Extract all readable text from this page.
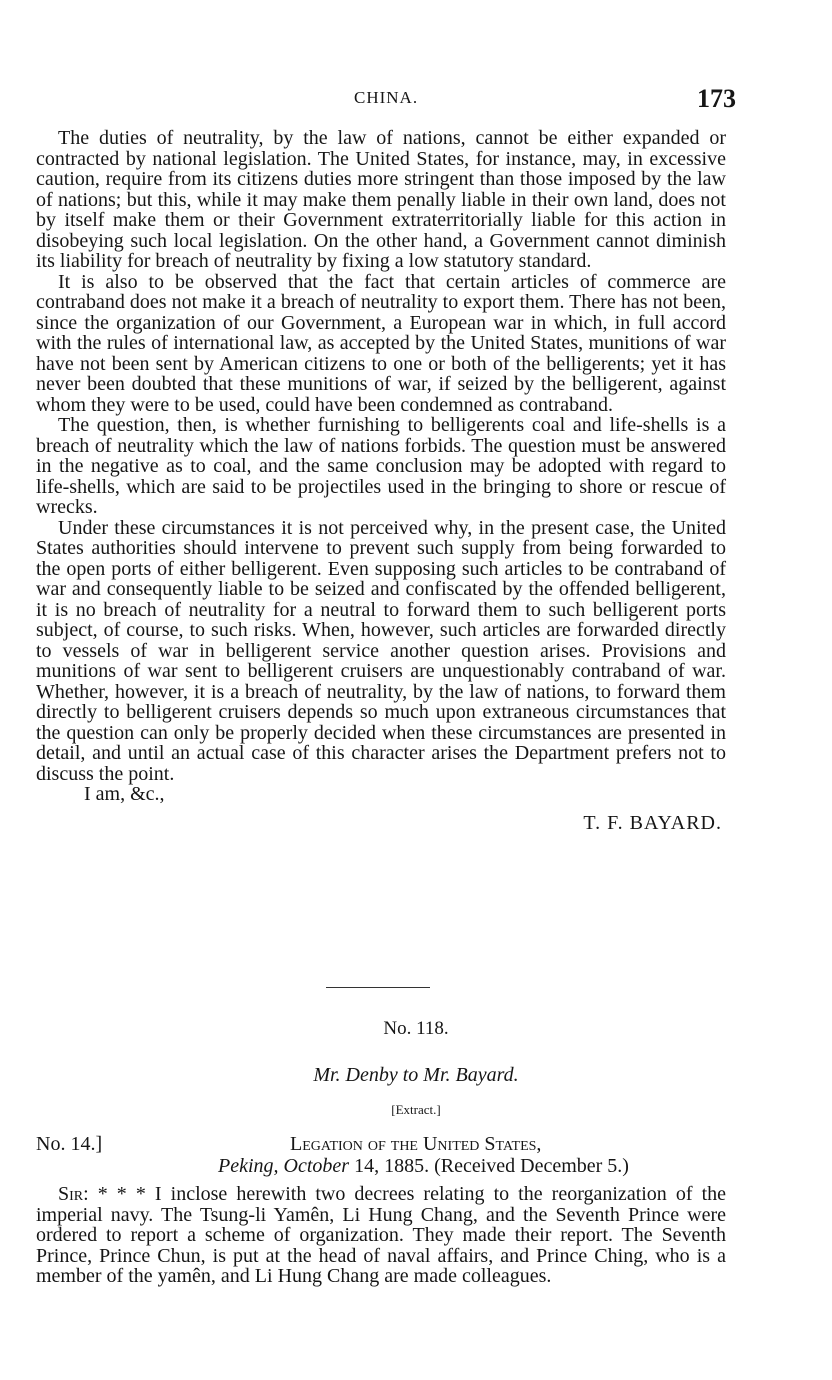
CHINA.	173

The duties of neutrality, by the law of nations, cannot be either expanded or contracted by national legislation. The United States, for instance, may, in excessive caution, require from its citizens duties more stringent than those imposed by the law of nations; but this, while it may make them penally liable in their own land, does not by itself make them or their Government extraterritorially liable for this action in disobeying such local legislation. On the other hand, a Government cannot diminish its liability for breach of neutrality by fixing a low statutory standard.

It is also to be observed that the fact that certain articles of commerce are contraband does not make it a breach of neutrality to export them. There has not been, since the organization of our Government, a European war in which, in full accord with the rules of international law, as accepted by the United States, munitions of war have not been sent by American citizens to one or both of the belligerents; yet it has never been doubted that these munitions of war, if seized by the belligerent, against whom they were to be used, could have been condemned as contraband.

The question, then, is whether furnishing to belligerents coal and life-shells is a breach of neutrality which the law of nations forbids. The question must be answered in the negative as to coal, and the same conclusion may be adopted with regard to life-shells, which are said to be projectiles used in the bringing to shore or rescue of wrecks.

Under these circumstances it is not perceived why, in the present case, the United States authorities should intervene to prevent such supply from being forwarded to the open ports of either belligerent. Even supposing such articles to be contraband of war and consequently liable to be seized and confiscated by the offended belligerent, it is no breach of neutrality for a neutral to forward them to such belligerent ports subject, of course, to such risks. When, however, such articles are forwarded directly to vessels of war in belligerent service another question arises. Provisions and munitions of war sent to belligerent cruisers are unquestionably contraband of war. Whether, however, it is a breach of neutrality, by the law of nations, to forward them directly to belligerent cruisers depends so much upon extraneous circumstances that the question can only be properly decided when these circumstances are presented in detail, and until an actual case of this character arises the Department prefers not to discuss the point.

I am, &c.,

T. F. BAYARD.

No. 118.
Mr. Denby to Mr. Bayard.
[Extract.]
No. 14.]	Legation of the United States,
Peking, October 14, 1885. (Received December 5.)

Sir: * * * I inclose herewith two decrees relating to the reorganization of the imperial navy. The Tsung-li Yamên, Li Hung Chang, and the Seventh Prince were ordered to report a scheme of organization. They made their report. The Seventh Prince, Prince Chun, is put at the head of naval affairs, and Prince Ching, who is a member of the yamên, and Li Hung Chang are made colleagues.
